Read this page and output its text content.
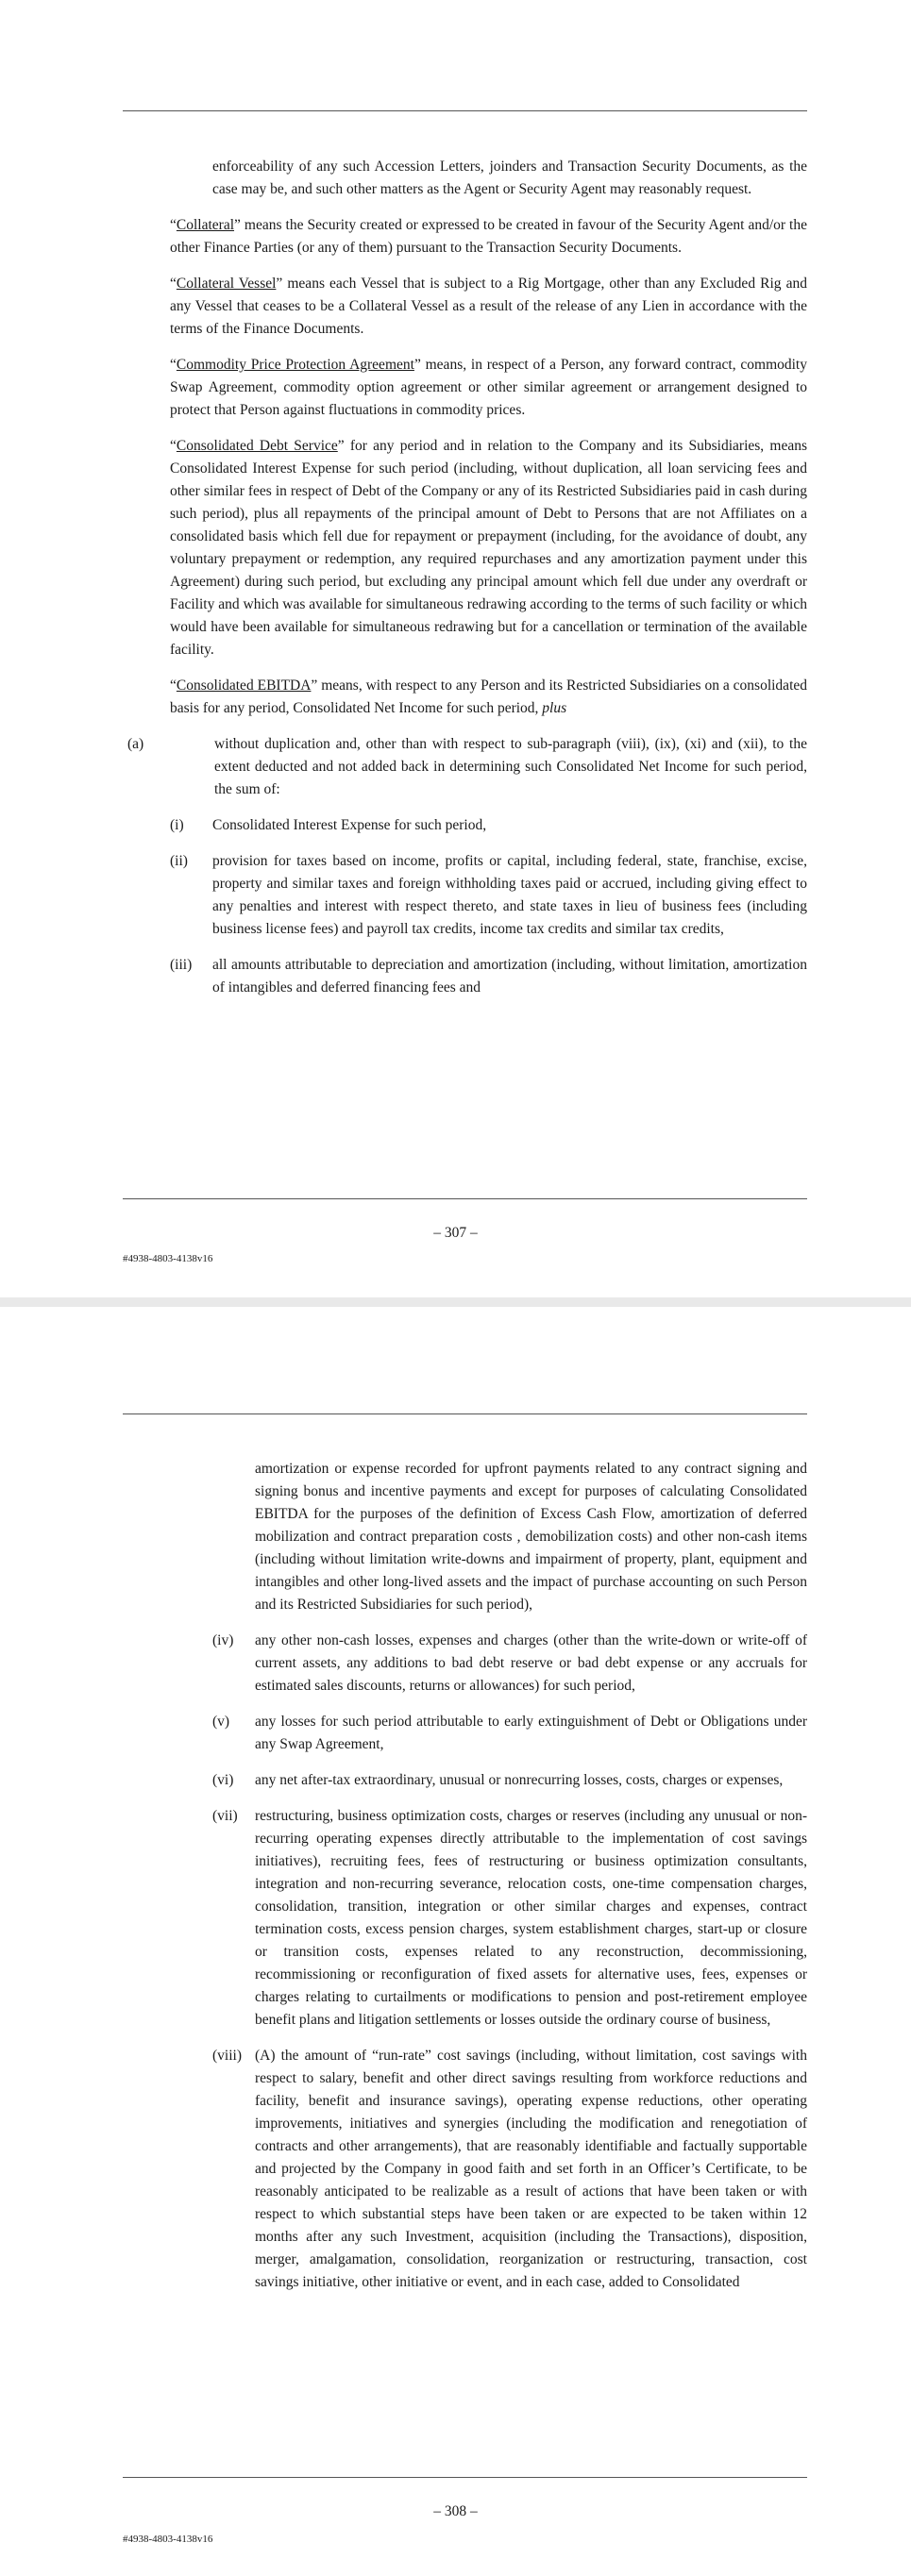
enforceability of any such Accession Letters, joinders and Transaction Security Documents, as the case may be, and such other matters as the Agent or Security Agent may reasonably request.

“Collateral” means the Security created or expressed to be created in favour of the Security Agent and/or the other Finance Parties (or any of them) pursuant to the Transaction Security Documents.

“Collateral Vessel” means each Vessel that is subject to a Rig Mortgage, other than any Excluded Rig and any Vessel that ceases to be a Collateral Vessel as a result of the release of any Lien in accordance with the terms of the Finance Documents.

“Commodity Price Protection Agreement” means, in respect of a Person, any forward contract, commodity Swap Agreement, commodity option agreement or other similar agreement or arrangement designed to protect that Person against fluctuations in commodity prices.

“Consolidated Debt Service” for any period and in relation to the Company and its Subsidiaries, means Consolidated Interest Expense for such period (including, without duplication, all loan servicing fees and other similar fees in respect of Debt of the Company or any of its Restricted Subsidiaries paid in cash during such period), plus all repayments of the principal amount of Debt to Persons that are not Affiliates on a consolidated basis which fell due for repayment or prepayment (including, for the avoidance of doubt, any voluntary prepayment or redemption, any required repurchases and any amortization payment under this Agreement) during such period, but excluding any principal amount which fell due under any overdraft or Facility and which was available for simultaneous redrawing according to the terms of such facility or which would have been available for simultaneous redrawing but for a cancellation or termination of the available facility.

“Consolidated EBITDA” means, with respect to any Person and its Restricted Subsidiaries on a consolidated basis for any period, Consolidated Net Income for such period, plus

(a)	without duplication and, other than with respect to sub-paragraph (viii), (ix), (xi) and (xii), to the extent deducted and not added back in determining such Consolidated Net Income for such period, the sum of:
(i) Consolidated Interest Expense for such period,
(ii) provision for taxes based on income, profits or capital, including federal, state, franchise, excise, property and similar taxes and foreign withholding taxes paid or accrued, including giving effect to any penalties and interest with respect thereto, and state taxes in lieu of business fees (including business license fees) and payroll tax credits, income tax credits and similar tax credits,
(iii) all amounts attributable to depreciation and amortization (including, without limitation, amortization of intangibles and deferred financing fees and
– 307 –
#4938-4803-4138v16

amortization or expense recorded for upfront payments related to any contract signing and signing bonus and incentive payments and except for purposes of calculating Consolidated EBITDA for the purposes of the definition of Excess Cash Flow, amortization of deferred mobilization and contract preparation costs , demobilization costs) and other non-cash items (including without limitation write-downs and impairment of property, plant, equipment and intangibles and other long-lived assets and the impact of purchase accounting on such Person and its Restricted Subsidiaries for such period),

(iv) any other non-cash losses, expenses and charges (other than the write-down or write-off of current assets, any additions to bad debt reserve or bad debt expense or any accruals for estimated sales discounts, returns or allowances) for such period,
(v) any losses for such period attributable to early extinguishment of Debt or Obligations under any Swap Agreement,
(vi) any net after-tax extraordinary, unusual or nonrecurring losses, costs, charges or expenses,
(vii) restructuring, business optimization costs, charges or reserves (including any unusual or non-recurring operating expenses directly attributable to the implementation of cost savings initiatives), recruiting fees, fees of restructuring or business optimization consultants, integration and non-recurring severance, relocation costs, one-time compensation charges, consolidation, transition, integration or other similar charges and expenses, contract termination costs, excess pension charges, system establishment charges, start-up or closure or transition costs, expenses related to any reconstruction, decommissioning, recommissioning or reconfiguration of fixed assets for alternative uses, fees, expenses or charges relating to curtailments or modifications to pension and post-retirement employee benefit plans and litigation settlements or losses outside the ordinary course of business,
(viii) (A) the amount of “run-rate” cost savings (including, without limitation, cost savings with respect to salary, benefit and other direct savings resulting from workforce reductions and facility, benefit and insurance savings), operating expense reductions, other operating improvements, initiatives and synergies (including the modification and renegotiation of contracts and other arrangements), that are reasonably identifiable and factually supportable and projected by the Company in good faith and set forth in an Officer’s Certificate, to be reasonably anticipated to be realizable as a result of actions that have been taken or with respect to which substantial steps have been taken or are expected to be taken within 12 months after any such Investment, acquisition (including the Transactions), disposition, merger, amalgamation, consolidation, reorganization or restructuring, transaction, cost savings initiative, other initiative or event, and in each case, added to Consolidated
– 308 –
#4938-4803-4138v16
